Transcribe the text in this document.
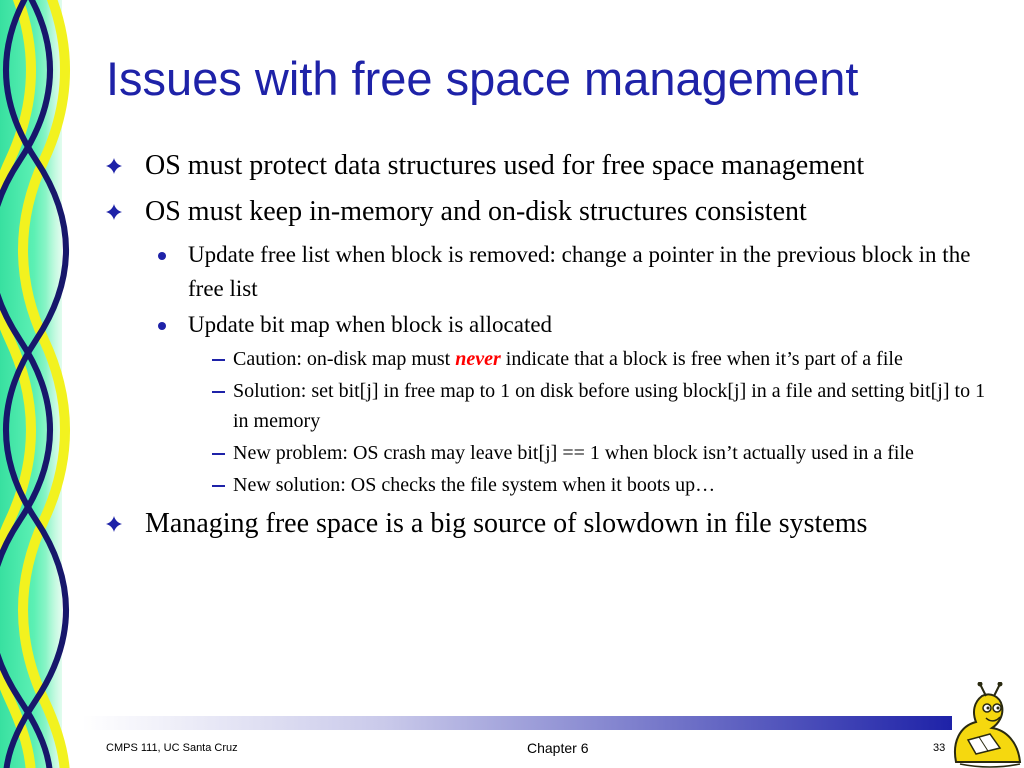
Issues with free space management
OS must protect data structures used for free space management
OS must keep in-memory and on-disk structures consistent
Update free list when block is removed: change a pointer in the previous block in the free list
Update bit map when block is allocated
Caution: on-disk map must never indicate that a block is free when it’s part of a file
Solution: set bit[j] in free map to 1 on disk before using block[j] in a file and setting bit[j] to 1 in memory
New problem: OS crash may leave bit[j] == 1 when block isn’t actually used in a file
New solution: OS checks the file system when it boots up…
Managing free space is a big source of slowdown in file systems
CMPS 111, UC Santa Cruz	Chapter 6	33
